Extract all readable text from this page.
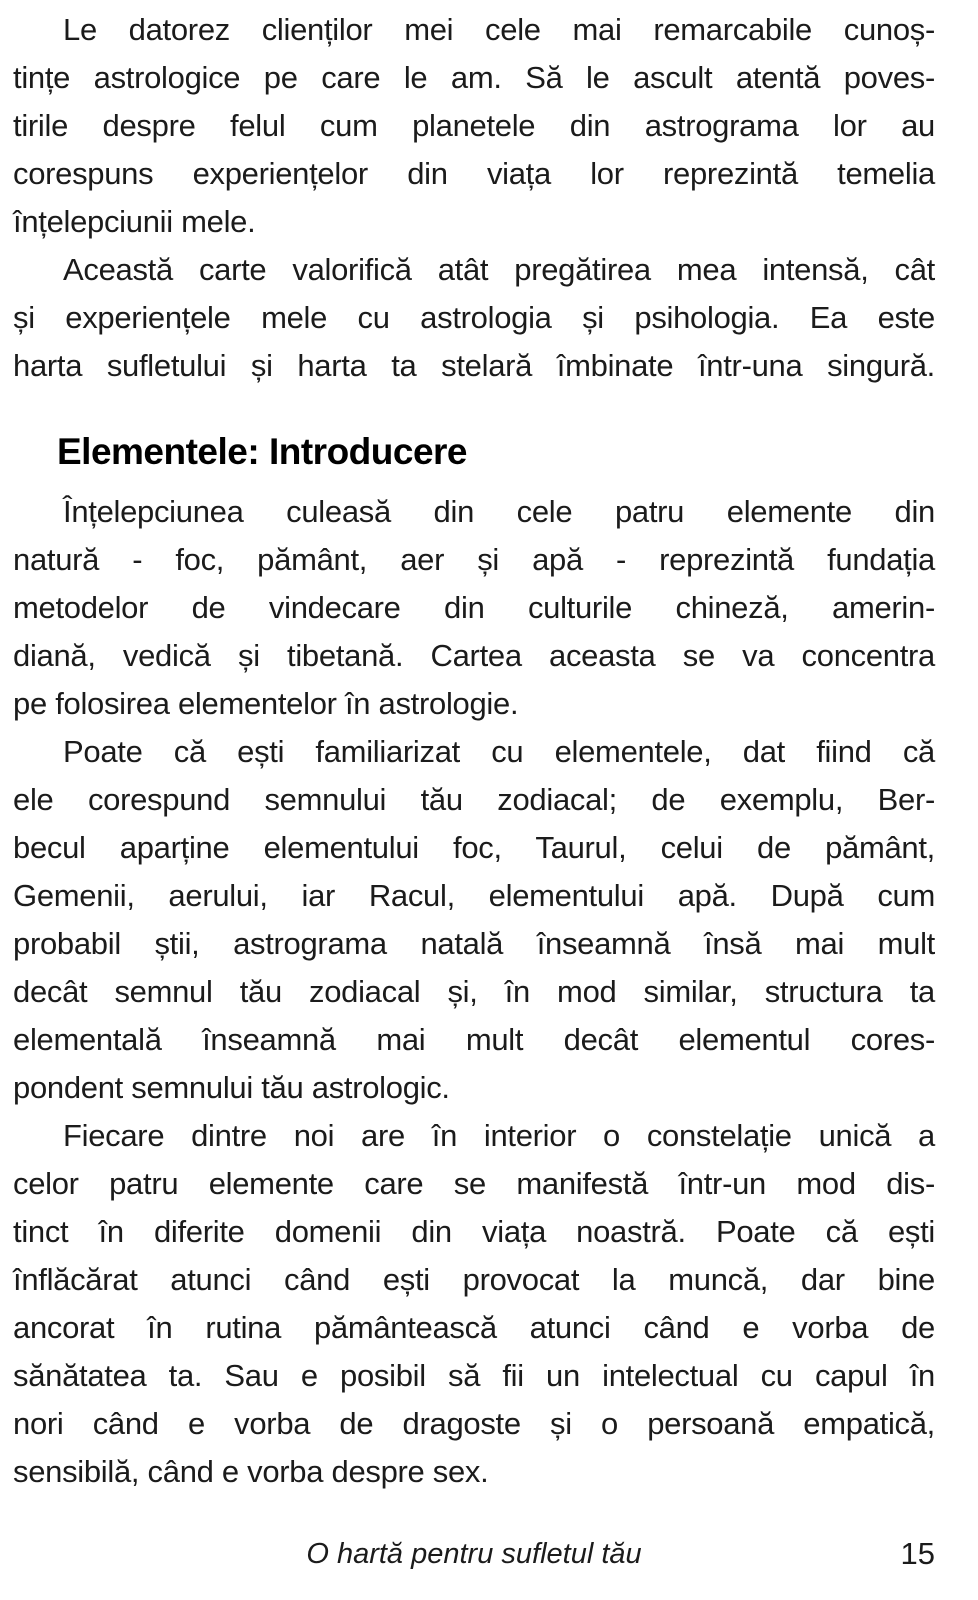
Le datorez clienților mei cele mai remarcabile cunoș-
tințe astrologice pe care le am. Să le ascult atentă poves-
tirile despre felul cum planetele din astrograma lor au
corespuns experiențelor din viața lor reprezintă temelia
înțelepciunii mele.
Această carte valorifică atât pregătirea mea intensă, cât
și experiențele mele cu astrologia și psihologia. Ea este
harta sufletului și harta ta stelară îmbinate într-una singură.
Elementele: Introducere
Înțelepciunea culeasă din cele patru elemente din
natură - foc, pământ, aer și apă - reprezintă fundația
metodelor de vindecare din culturile chineză, amerin-
diană, vedică și tibetană. Cartea aceasta se va concentra
pe folosirea elementelor în astrologie.
Poate că ești familiarizat cu elementele, dat fiind că
ele corespund semnului tău zodiacal; de exemplu, Ber-
becul aparține elementului foc, Taurul, celui de pământ,
Gemenii, aerului, iar Racul, elementului apă. După cum
probabil știi, astrograma natală înseamnă însă mai mult
decât semnul tău zodiacal și, în mod similar, structura ta
elementală înseamnă mai mult decât elementul cores-
pondent semnului tău astrologic.
Fiecare dintre noi are în interior o constelație unică a
celor patru elemente care se manifestă într-un mod dis-
tinct în diferite domenii din viața noastră. Poate că ești
înflăcărat atunci când ești provocat la muncă, dar bine
ancorat în rutina pământească atunci când e vorba de
sănătatea ta. Sau e posibil să fii un intelectual cu capul în
nori când e vorba de dragoste și o persoană empatică,
sensibilă, când e vorba despre sex.
O hartă pentru sufletul tău	15
